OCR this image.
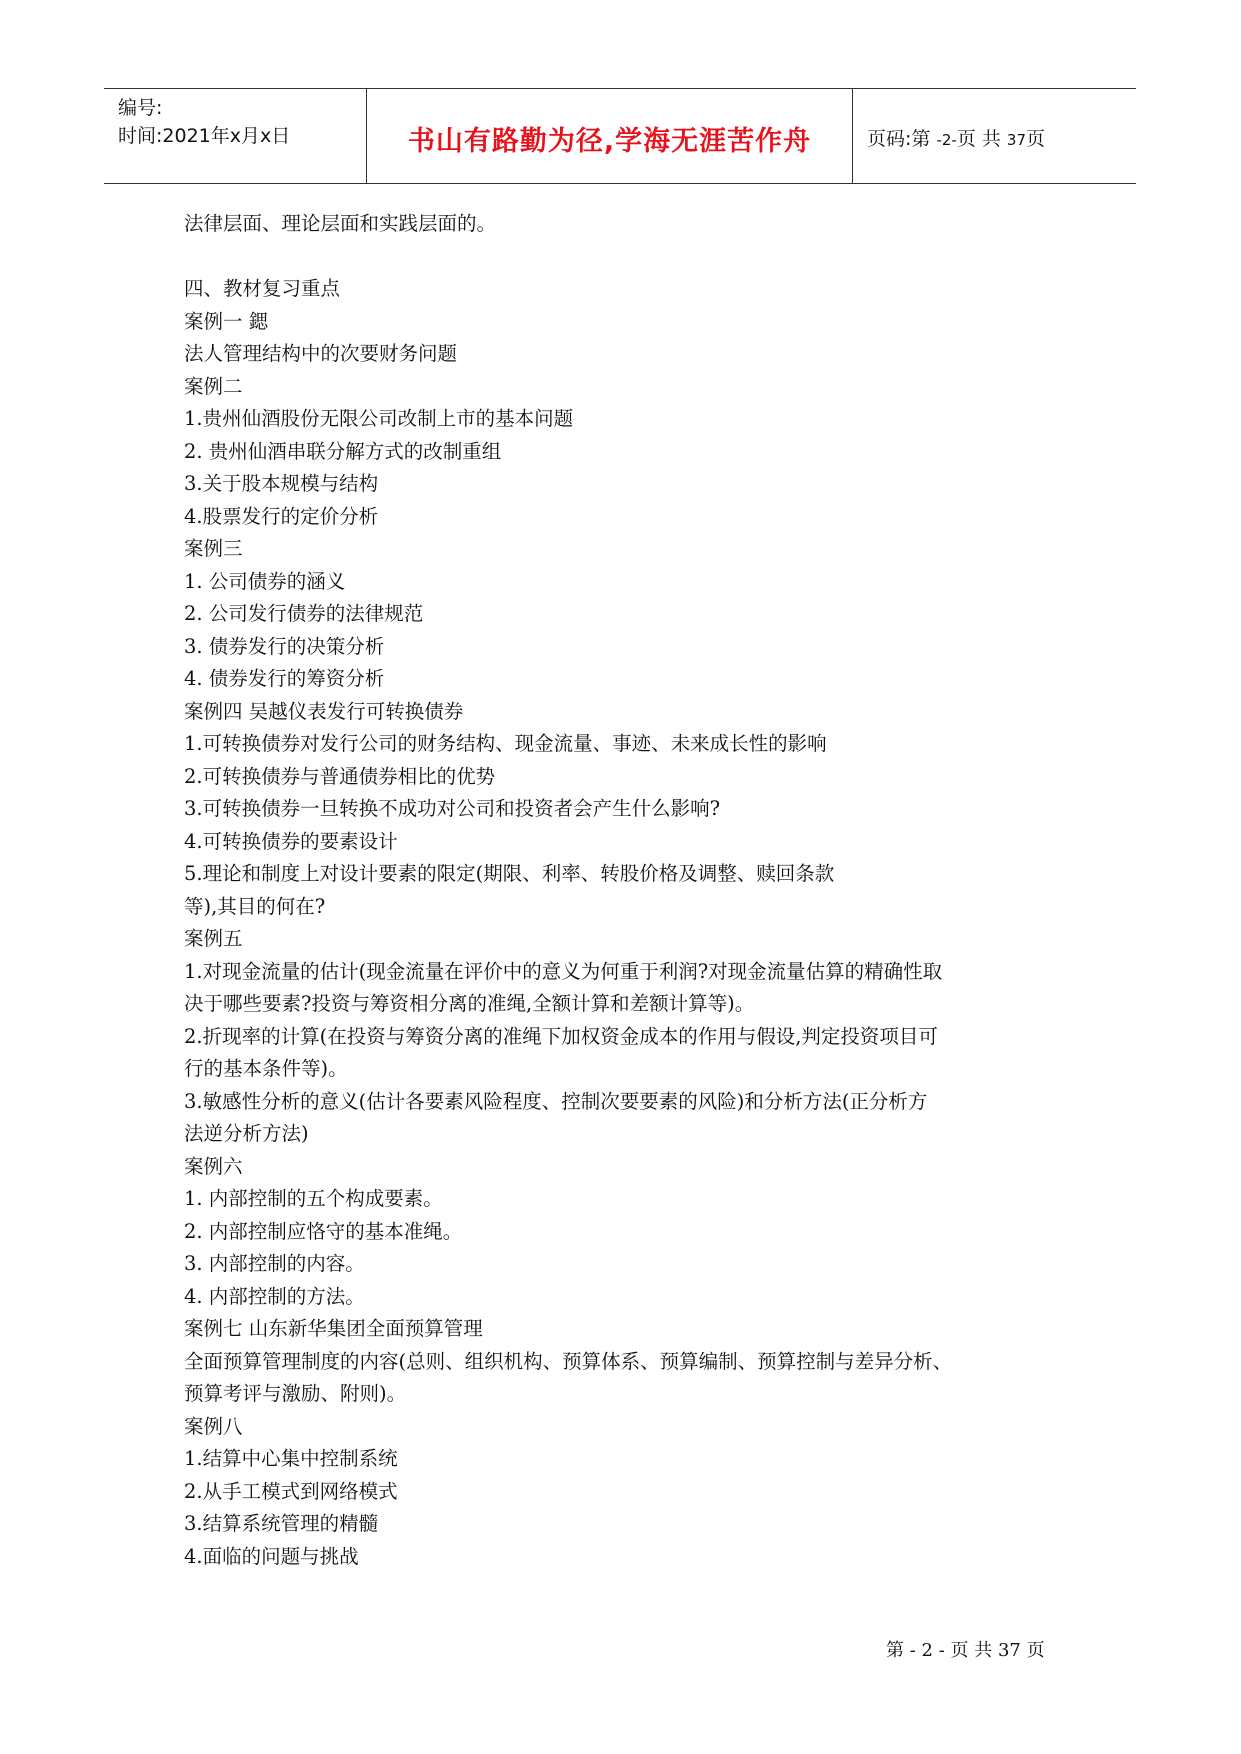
编号:
时间:2021年x月x日	书山有路勤为径,学海无涯苦作舟	页码:第 -2-页 共 37页
法律层面、理论层面和实践层面的。
四、教材复习重点
案例一 鍶
法人管理结构中的次要财务问题
案例二
1.贵州仙酒股份无限公司改制上市的基本问题
2. 贵州仙酒串联分解方式的改制重组
3.关于股本规模与结构
4.股票发行的定价分析
案例三
1. 公司债券的涵义
2. 公司发行债券的法律规范
3. 债券发行的决策分析
4. 债券发行的筹资分析
案例四 吴越仪表发行可转换债券
1.可转换债券对发行公司的财务结构、现金流量、事迹、未来成长性的影响
2.可转换债券与普通债券相比的优势
3.可转换债券一旦转换不成功对公司和投资者会产生什么影响?
4.可转换债券的要素设计
5.理论和制度上对设计要素的限定(期限、利率、转股价格及调整、赎回条款
等),其目的何在?
案例五
1.对现金流量的估计(现金流量在评价中的意义为何重于利润?对现金流量估算的精确性取
决于哪些要素?投资与筹资相分离的准绳,全额计算和差额计算等)。
2.折现率的计算(在投资与筹资分离的准绳下加权资金成本的作用与假设,判定投资项目可
行的基本条件等)。
3.敏感性分析的意义(估计各要素风险程度、控制次要要素的风险)和分析方法(正分析方
法逆分析方法)
案例六
1. 内部控制的五个构成要素。
2. 内部控制应恪守的基本准绳。
3. 内部控制的内容。
4. 内部控制的方法。
案例七 山东新华集团全面预算管理
全面预算管理制度的内容(总则、组织机构、预算体系、预算编制、预算控制与差异分析、
预算考评与激励、附则)。
案例八
1.结算中心集中控制系统
2.从手工模式到网络模式
3.结算系统管理的精髓
4.面临的问题与挑战
第 - 2 - 页 共 37 页
